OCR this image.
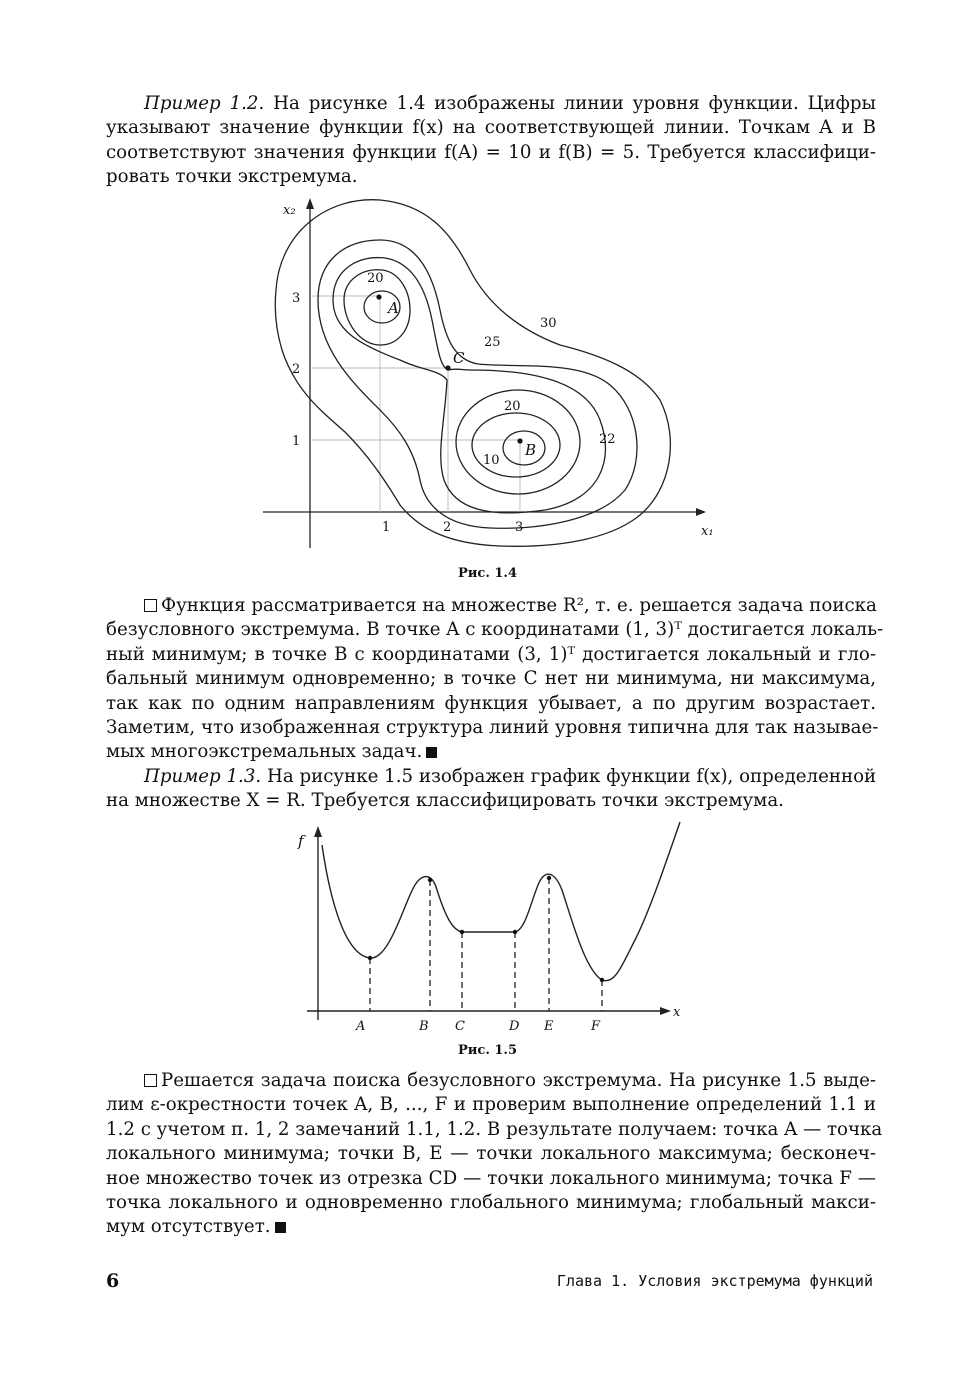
Пример 1.2. На рисунке 1.4 изображены линии уровня функции. Цифры
указывают значение функции f(x) на соответствующей линии. Точкам A и B
соответствуют значения функции f(A) = 10 и f(B) = 5. Требуется классифици-
ровать точки экстремума.
A
C
B
20
25
30
20
22
10
1	2	3
1
2
3
x₁
x₂
Рис. 1.4
Функция рассматривается на множестве R², т. е. решается задача поиска
безусловного экстремума. В точке A с координатами (1, 3)ᵀ достигается локаль-
ный минимум; в точке B с координатами (3, 1)ᵀ достигается локальный и гло-
бальный минимум одновременно; в точке C нет ни минимума, ни максимума,
так как по одним направлениям функция убывает, а по другим возрастает.
Заметим, что изображенная структура линий уровня типична для так называе-
мых многоэкстремальных задач.
Пример 1.3. На рисунке 1.5 изображен график функции f(x), определенной
на множестве X = R. Требуется классифицировать точки экстремума.
f
x
A	B C	D E	F
Рис. 1.5
Решается задача поиска безусловного экстремума. На рисунке 1.5 выде-
лим ε-окрестности точек A, B, ..., F и проверим выполнение определений 1.1 и
1.2 с учетом п. 1, 2 замечаний 1.1, 1.2. В результате получаем: точка A — точка
локального минимума; точки B, E — точки локального максимума; бесконеч-
ное множество точек из отрезка CD — точки локального минимума; точка F —
точка локального и одновременно глобального минимума; глобальный макси-
мум отсутствует.
6	Глава 1. Условия экстремума функций
